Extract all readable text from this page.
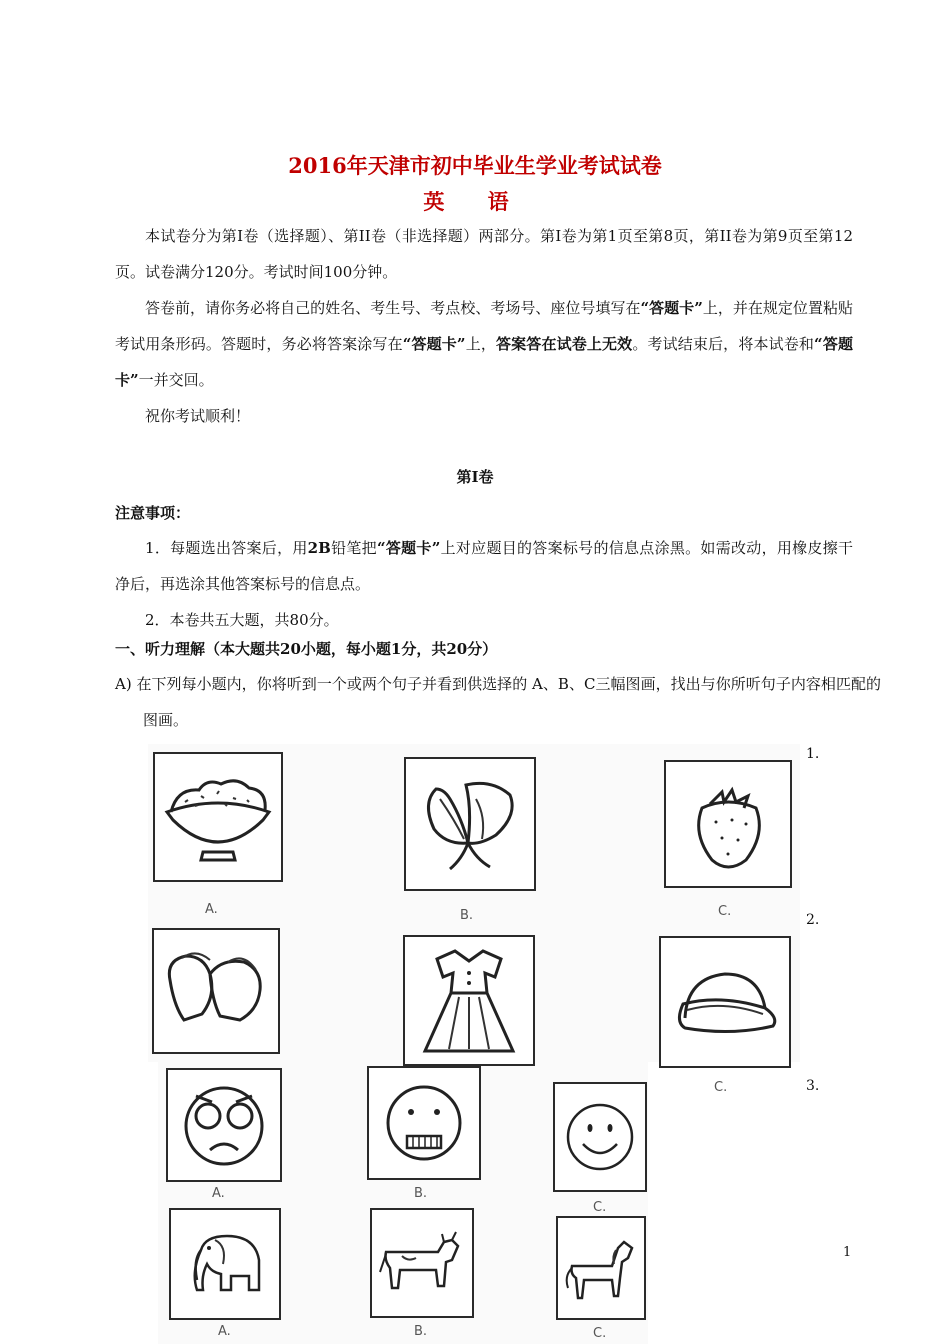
2016年天津市初中毕业生学业考试试卷
英 语
本试卷分为第Ⅰ卷（选择题）、第II卷（非选择题）两部分。第Ⅰ卷为第1页至第8页，第II卷为第9页至第12页。试卷满分120分。考试时间100分钟。
答卷前，请你务必将自己的姓名、考生号、考点校、考场号、座位号填写在“答题卡”上，并在规定位置粘贴考试用条形码。答题时，务必将答案涂写在“答题卡”上，答案答在试卷上无效。考试结束后，将本试卷和“答题卡”一并交回。
祝你考试顺利！
第Ⅰ卷
注意事项：
1．每题选出答案后，用2B铅笔把“答题卡”上对应题目的答案标号的信息点涂黑。如需改动，用橡皮擦干净后，再选涂其他答案标号的信息点。
2．本卷共五大题，共80分。
一、听力理解（本大题共20小题，每小题1分，共20分）
A) 在下列每小题内，你将听到一个或两个句子并看到供选择的 A、B、C三幅图画，找出与你所听句子内容相匹配的图画。
A.	B.	C.
C.
A.	B.
C.
A.	B.	C.
1.
2.
3.
1
